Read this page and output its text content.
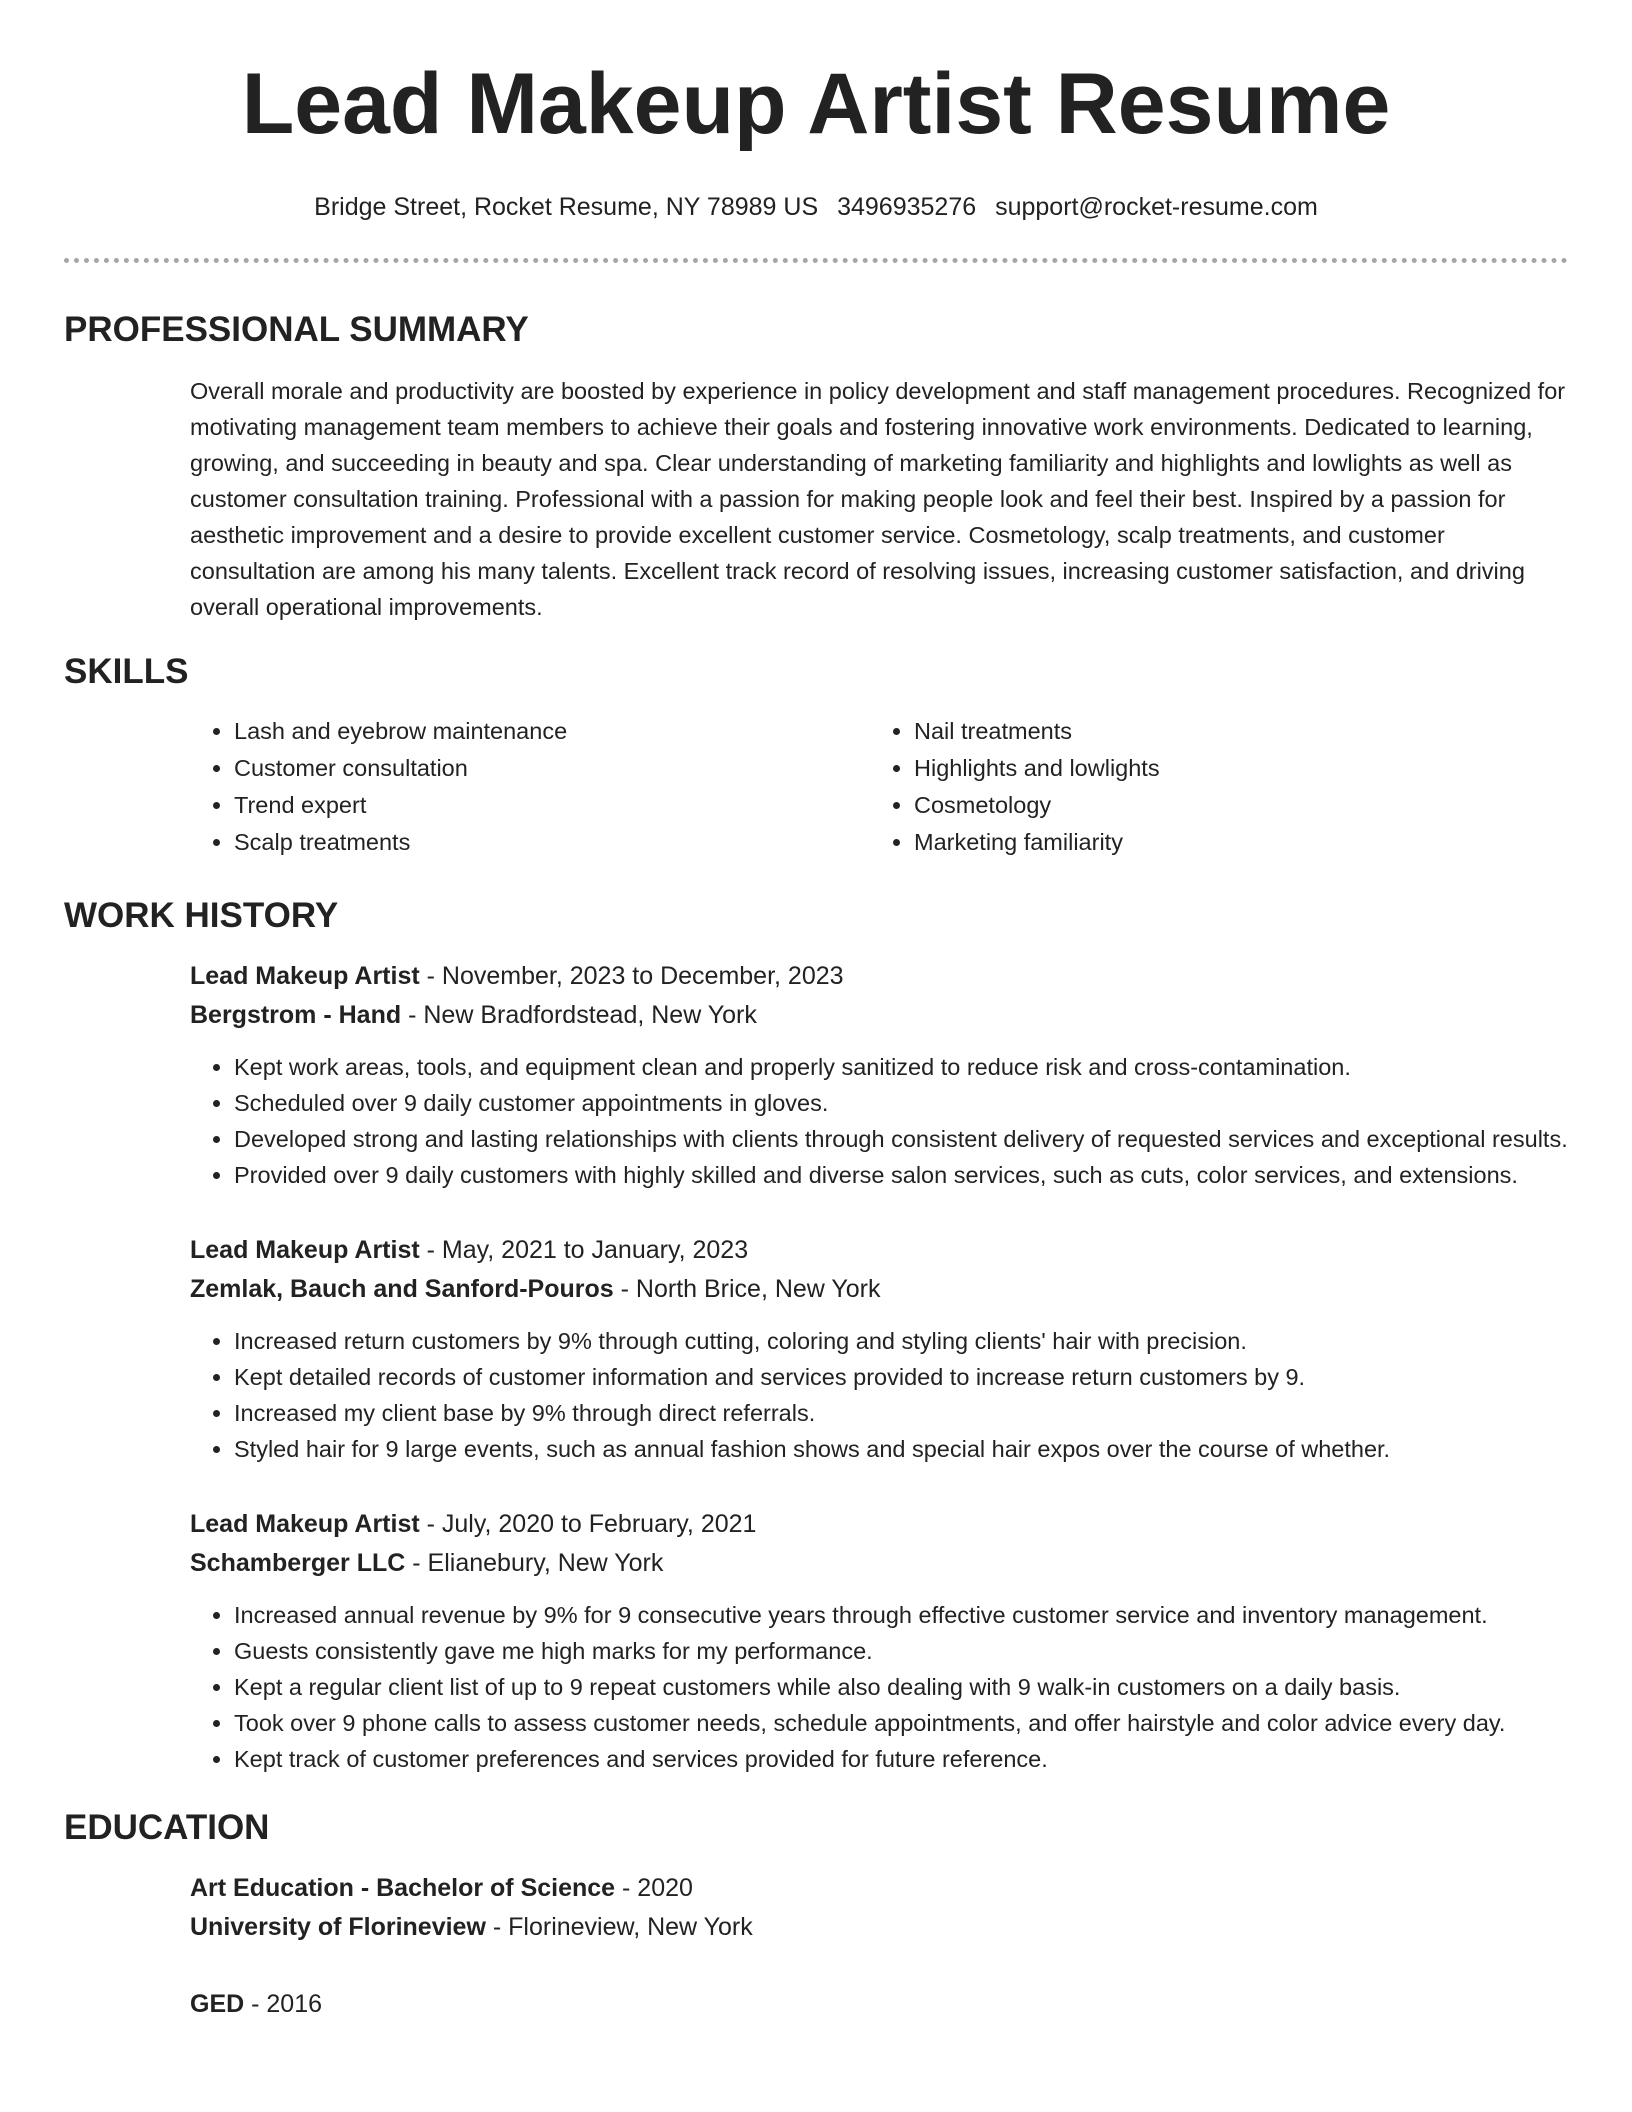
Lead Makeup Artist Resume
Bridge Street, Rocket Resume, NY 78989 US 3496935276 support@rocket-resume.com
PROFESSIONAL SUMMARY
Overall morale and productivity are boosted by experience in policy development and staff management procedures. Recognized for motivating management team members to achieve their goals and fostering innovative work environments. Dedicated to learning, growing, and succeeding in beauty and spa. Clear understanding of marketing familiarity and highlights and lowlights as well as customer consultation training. Professional with a passion for making people look and feel their best. Inspired by a passion for aesthetic improvement and a desire to provide excellent customer service. Cosmetology, scalp treatments, and customer consultation are among his many talents. Excellent track record of resolving issues, increasing customer satisfaction, and driving overall operational improvements.
SKILLS
• Lash and eyebrow maintenance
• Customer consultation
• Trend expert
• Scalp treatments
• Nail treatments
• Highlights and lowlights
• Cosmetology
• Marketing familiarity
WORK HISTORY
Lead Makeup Artist - November, 2023 to December, 2023
Bergstrom - Hand - New Bradfordstead, New York
• Kept work areas, tools, and equipment clean and properly sanitized to reduce risk and cross-contamination.
• Scheduled over 9 daily customer appointments in gloves.
• Developed strong and lasting relationships with clients through consistent delivery of requested services and exceptional results.
• Provided over 9 daily customers with highly skilled and diverse salon services, such as cuts, color services, and extensions.
Lead Makeup Artist - May, 2021 to January, 2023
Zemlak, Bauch and Sanford-Pouros - North Brice, New York
• Increased return customers by 9% through cutting, coloring and styling clients' hair with precision.
• Kept detailed records of customer information and services provided to increase return customers by 9.
• Increased my client base by 9% through direct referrals.
• Styled hair for 9 large events, such as annual fashion shows and special hair expos over the course of whether.
Lead Makeup Artist - July, 2020 to February, 2021
Schamberger LLC - Elianebury, New York
• Increased annual revenue by 9% for 9 consecutive years through effective customer service and inventory management.
• Guests consistently gave me high marks for my performance.
• Kept a regular client list of up to 9 repeat customers while also dealing with 9 walk-in customers on a daily basis.
• Took over 9 phone calls to assess customer needs, schedule appointments, and offer hairstyle and color advice every day.
• Kept track of customer preferences and services provided for future reference.
EDUCATION
Art Education - Bachelor of Science - 2020
University of Florineview - Florineview, New York
GED - 2016
